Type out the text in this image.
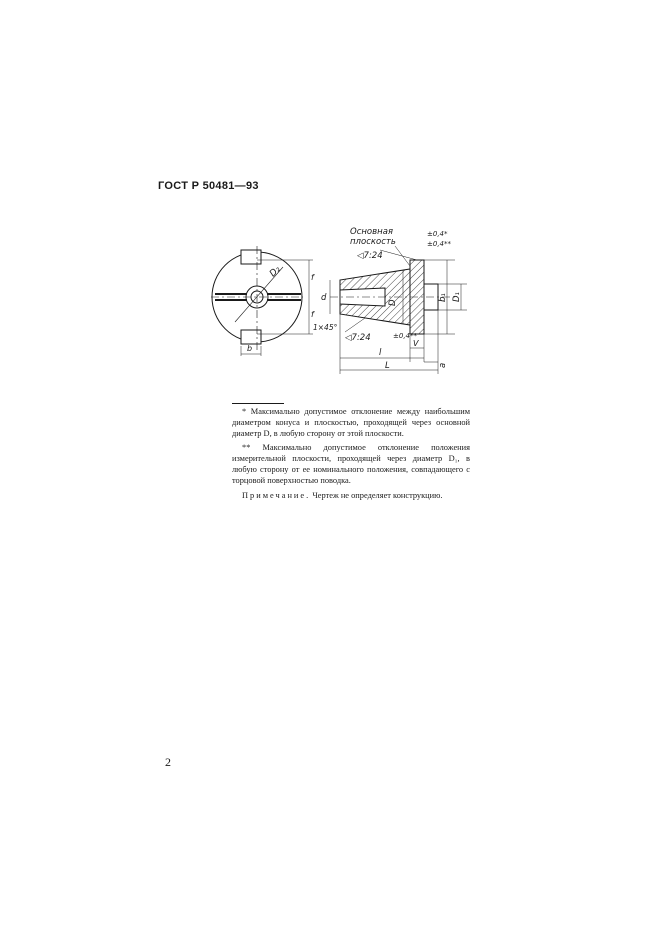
ГОСТ Р 50481—93
D₂	f
f
b
Основная
плоскость
◁7:24
◁7:24
±0,4*
±0,4**
±0,4**
1×45°
d	D
b₁ D₁
l
L
V
a

* Максимально допустимое отклонение между наибольшим диаметром конуса и плоскостью, проходящей через основной диаметр D, в любую сторону от этой плоскости.

** Максимально допустимое отклонение положения измерительной плоскости, проходящей через диаметр D₁, в любую сторону от ее номинального положения, совпадающего с торцовой поверхностью поводка.

Примечание. Чертеж не определяет конструкцию.

2
